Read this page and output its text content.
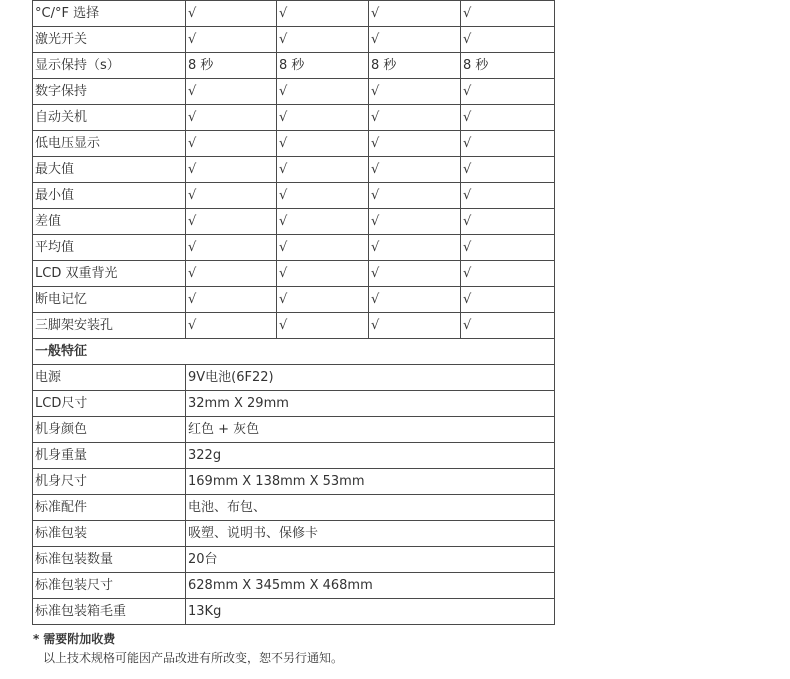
°C/°F 选择	√	√	√	√
激光开关	√	√	√	√
显示保持（s）	8 秒	8 秒	8 秒	8 秒
数字保持	√	√	√	√
自动关机	√	√	√	√
低电压显示	√	√	√	√
最大值	√	√	√	√
最小值	√	√	√	√
差值	√	√	√	√
平均值	√	√	√	√
LCD 双重背光	√	√	√	√
断电记忆	√	√	√	√
三脚架安装孔	√	√	√	√
一般特征				
电源	9V电池(6F22)			
LCD尺寸	32mm X 29mm			
机身颜色	红色 + 灰色			
机身重量	322g			
机身尺寸	169mm X 138mm X 53mm			
标准配件	电池、布包、			
标准包装	吸塑、说明书、保修卡			
标准包装数量	20台			
标准包装尺寸	628mm X 345mm X 468mm			
标准包装箱毛重	13Kg			
* 需要附加收费
以上技术规格可能因产品改进有所改变，恕不另行通知。
